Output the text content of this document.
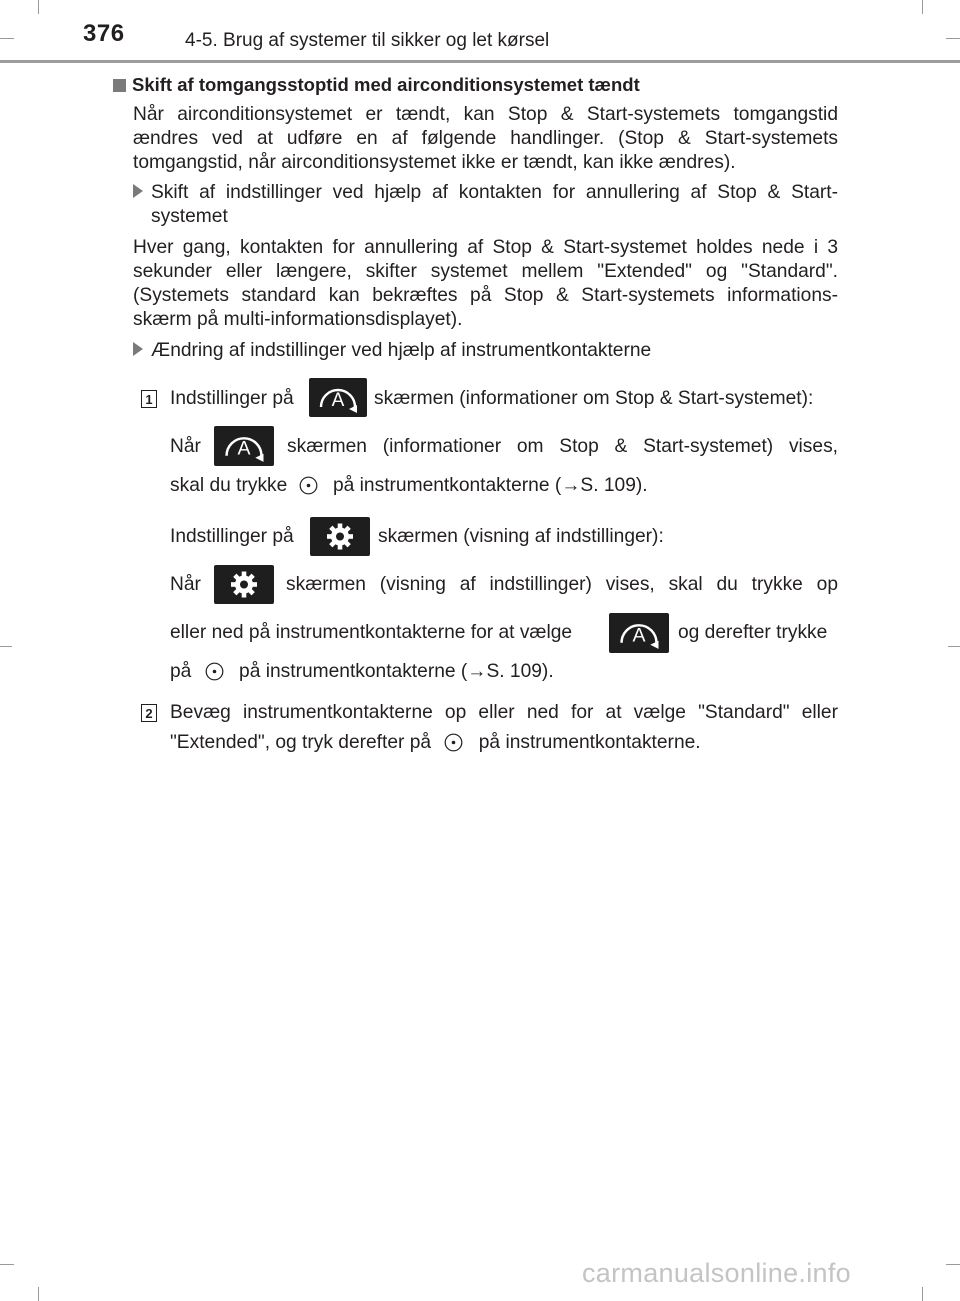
376	4-5. Brug af systemer til sikker og let kørsel
Skift af tomgangsstoptid med airconditionsystemet tændt
Når airconditionsystemet er tændt, kan Stop & Start-systemets tomgangstid ændres ved at udføre en af følgende handlinger. (Stop & Start-systemets tomgangstid, når airconditionsystemet ikke er tændt, kan ikke ændres).
Skift af indstillinger ved hjælp af kontakten for annullering af Stop & Start-systemet
Hver gang, kontakten for annullering af Stop & Start-systemet holdes nede i 3 sekunder eller længere, skifter systemet mellem "Extended" og "Standard". (Systemets standard kan bekræftes på Stop & Start-systemets informations-skærm på multi-informationsdisplayet).
Ændring af indstillinger ved hjælp af instrumentkontakterne
1 Indstillinger på A skærmen (informationer om Stop & Start-systemet):
Når A skærmen (informationer om Stop & Start-systemet) vises,
skal du trykke på instrumentkontakterne (→S. 109).
Indstillinger på	skærmen (visning af indstillinger):
Når	skærmen (visning af indstillinger) vises, skal du trykke op
eller ned på instrumentkontakterne for at vælge	A og derefter trykke
på på instrumentkontakterne (→S. 109).
2 Bevæg instrumentkontakterne op eller ned for at vælge "Standard" eller
"Extended", og tryk derefter på på instrumentkontakterne.
carmanualsonline.info
